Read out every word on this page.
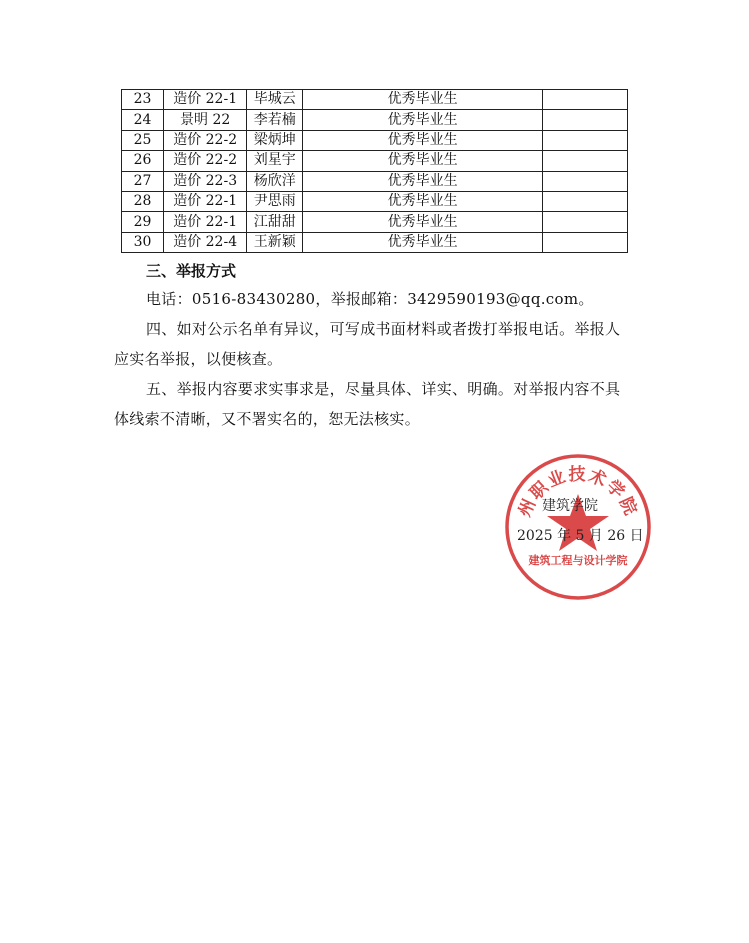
23	造价 22-1	毕城云	优秀毕业生	
24	景明 22	李若楠	优秀毕业生	
25	造价 22-2	梁炳坤	优秀毕业生	
26	造价 22-2	刘星宇	优秀毕业生	
27	造价 22-3	杨欣洋	优秀毕业生	
28	造价 22-1	尹思雨	优秀毕业生	
29	造价 22-1	江甜甜	优秀毕业生	
30	造价 22-4	王新颖	优秀毕业生	
三、举报方式
电话：0516-83430280，举报邮箱：3429590193@qq.com。
四、如对公示名单有异议，可写成书面材料或者拨打举报电话。举报人应实名举报，以便核查。
五、举报内容要求实事求是，尽量具体、详实、明确。对举报内容不具体线索不清晰，又不署实名的，恕无法核实。
州职业技术学院
建筑工程与设计学院
建筑学院
2025 年 5 月 26 日
